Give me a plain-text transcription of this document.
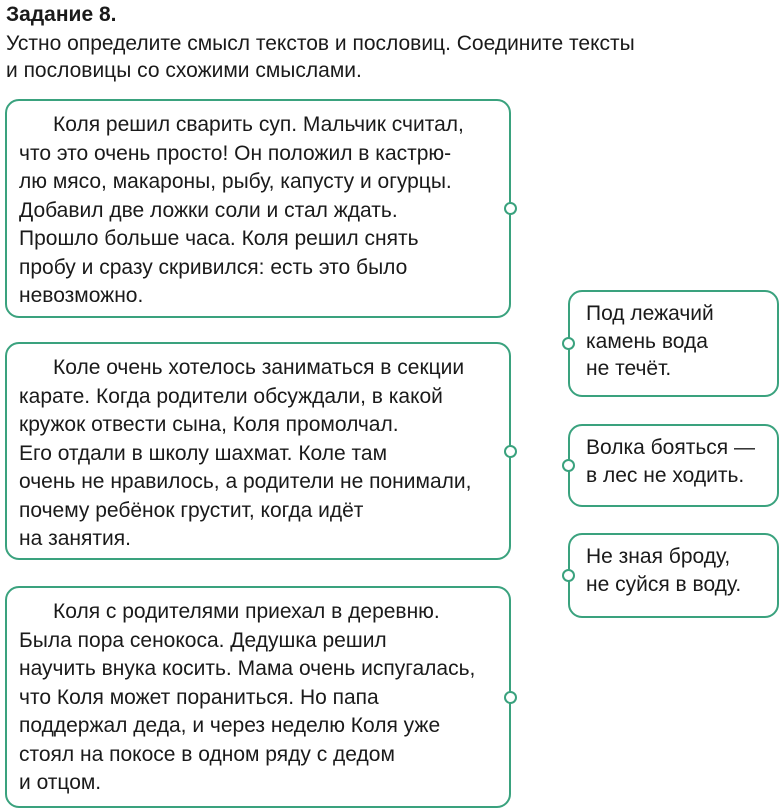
Задание 8.
Устно определите смысл текстов и пословиц. Соедините тексты
и пословицы со схожими смыслами.

Коля решил сварить суп. Мальчик считал,
что это очень просто! Он положил в кастрю-
лю мясо, макароны, рыбу, капусту и огурцы.
Добавил две ложки соли и стал ждать.
Прошло больше часа. Коля решил снять
пробу и сразу скривился: есть это было
невозможно.

Коле очень хотелось заниматься в секции
карате. Когда родители обсуждали, в какой
кружок отвести сына, Коля промолчал.
Его отдали в школу шахмат. Коле там
очень не нравилось, а родители не понимали,
почему ребёнок грустит, когда идёт
на занятия.

Коля с родителями приехал в деревню.
Была пора сенокоса. Дедушка решил
научить внука косить. Мама очень испугалась,
что Коля может пораниться. Но папа
поддержал деда, и через неделю Коля уже
стоял на покосе в одном ряду с дедом
и отцом.

Под лежачий
камень вода
не течёт.

Волка бояться —
в лес не ходить.

Не зная броду,
не суйся в воду.
